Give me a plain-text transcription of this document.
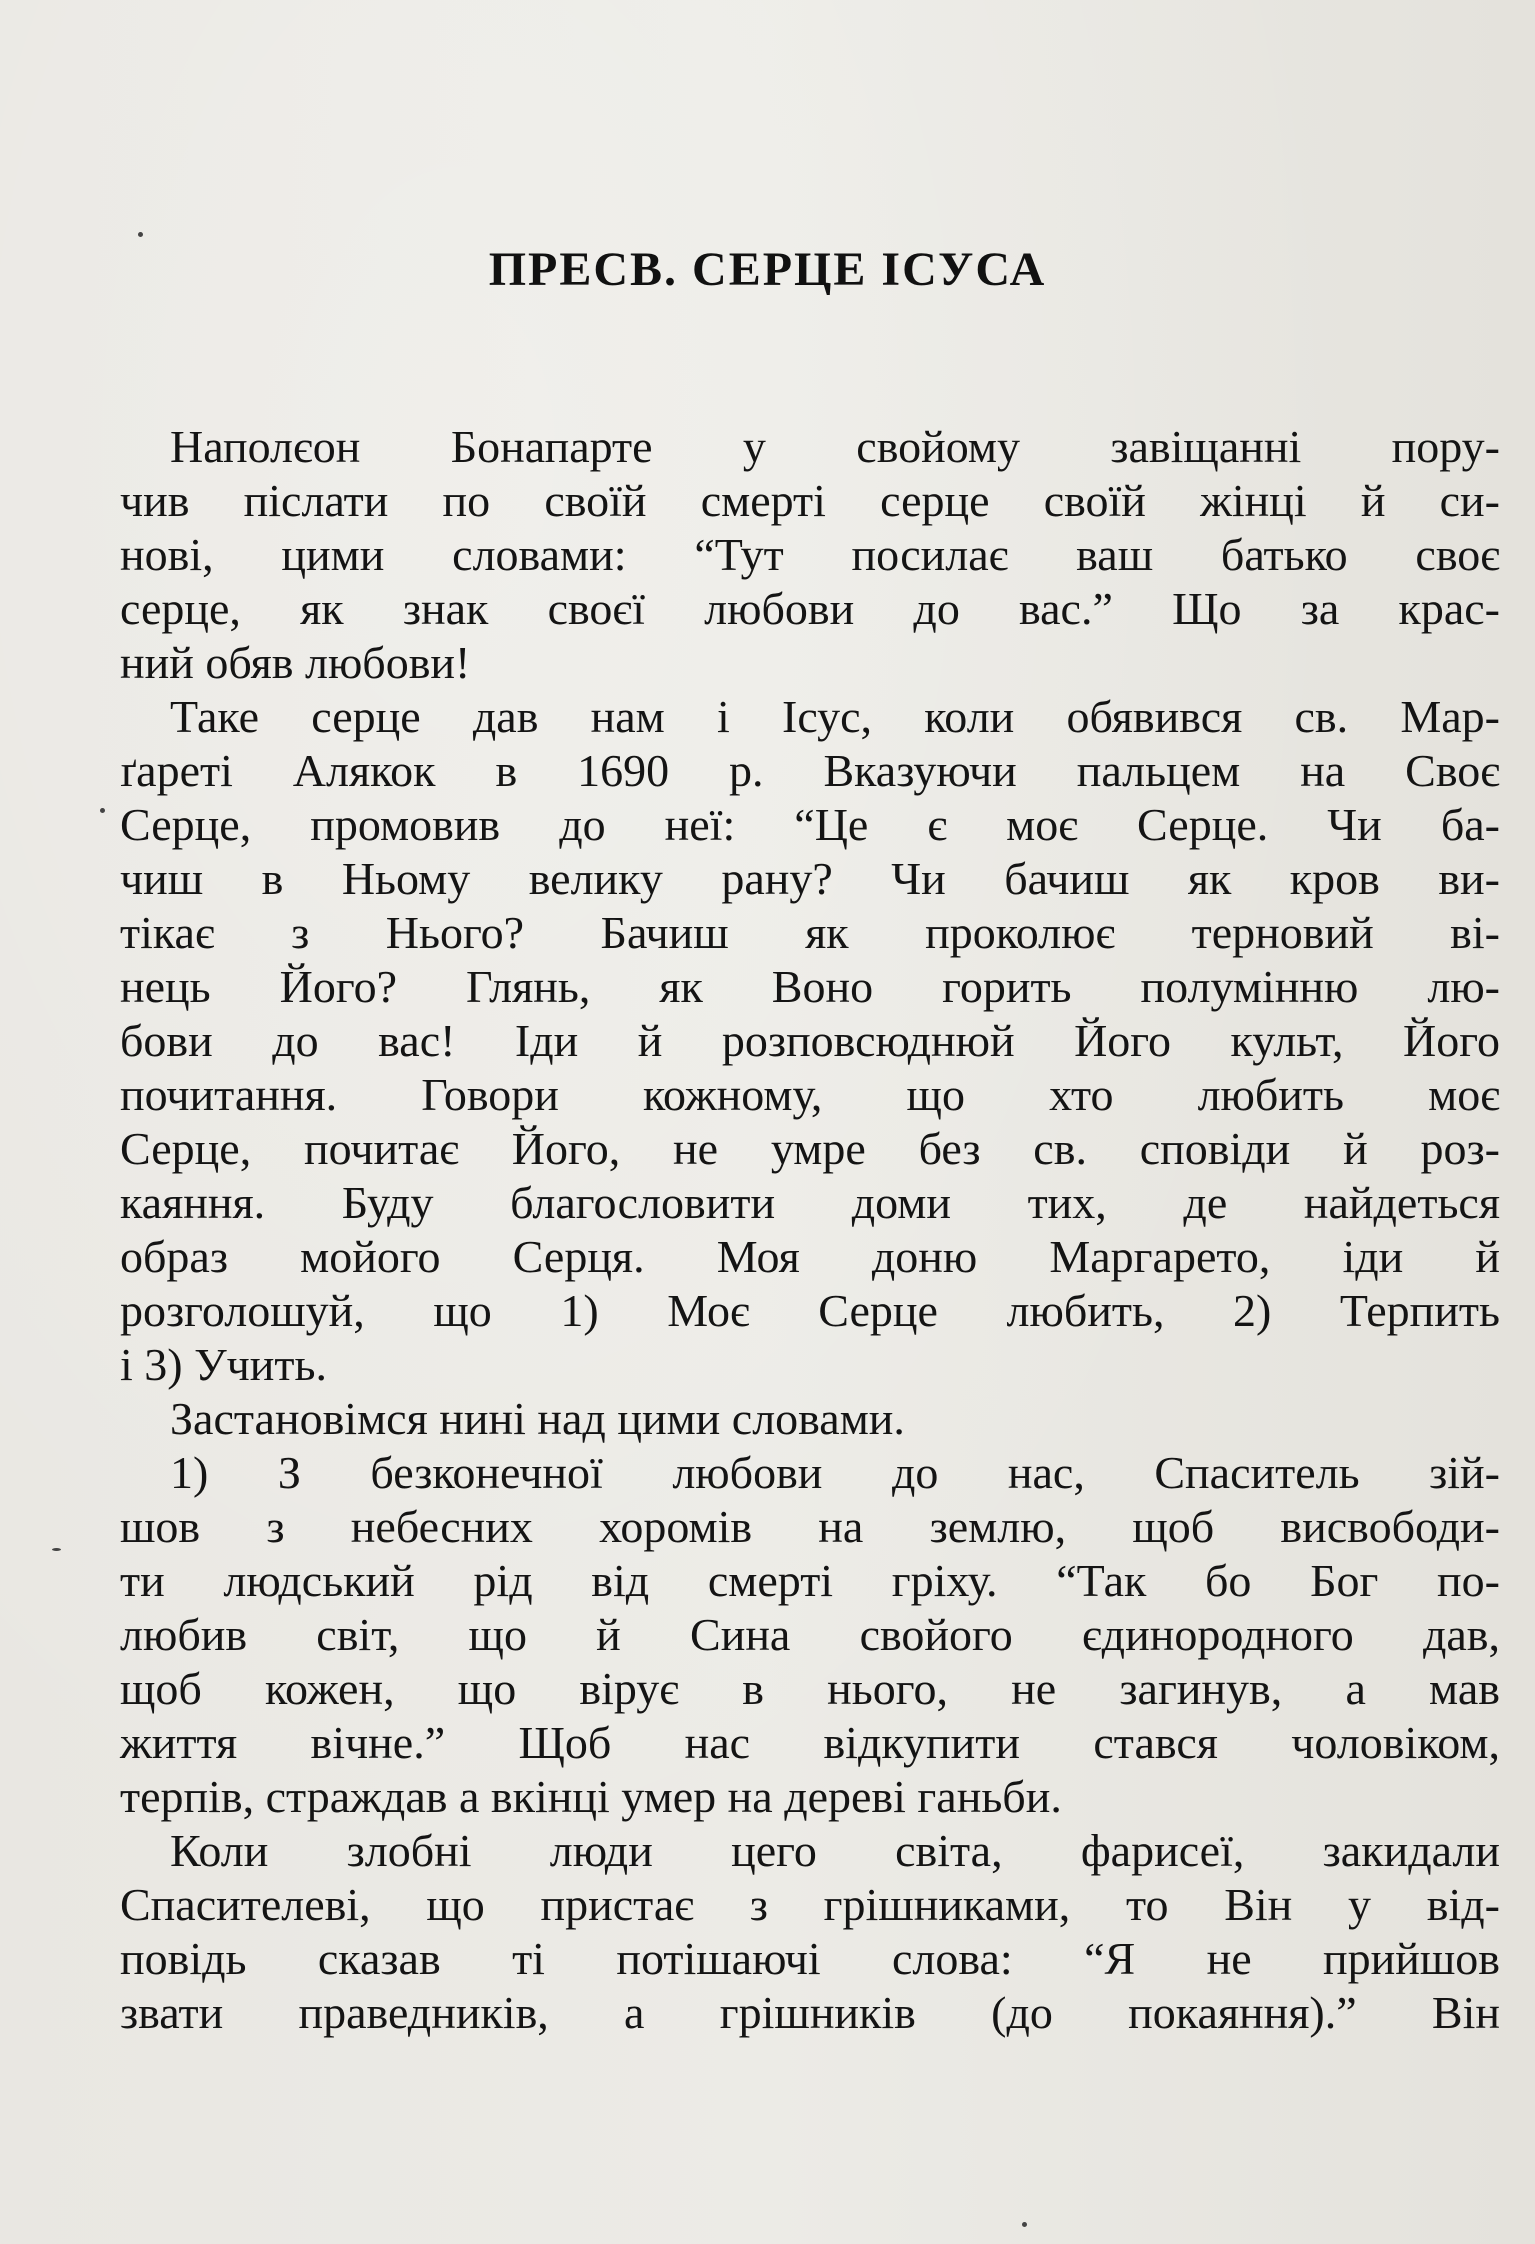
ПРЕСВ. СЕРЦЕ ІСУСА
Наполєон Бонапарте у свойому завіщанні пору-
чив післати по своїй смерті серце своїй жінці й си-
нові, цими словами: “Тут посилає ваш батько своє
серце, як знак своєї любови до вас.” Що за крас-
ний обяв любови!
Таке серце дав нам і Ісус, коли обявився св. Мар-
ґареті Алякок в 1690 р. Вказуючи пальцем на Своє
Серце, промовив до неї: “Це є моє Серце. Чи ба-
чиш в Ньому велику рану? Чи бачиш як кров ви-
тікає з Нього? Бачиш як проколює терновий ві-
нець Його? Глянь, як Воно горить полумінню лю-
бови до вас! Іди й розповсюднюй Його культ, Його
почитання. Говори кожному, що хто любить моє
Серце, почитає Його, не умре без св. сповіди й роз-
каяння. Буду благословити доми тих, де найдеться
образ мойого Серця. Моя доню Маргарето, іди й
розголошуй, що 1) Моє Серце любить, 2) Терпить
і 3) Учить.
Застановімся нині над цими словами.
1) З безконечної любови до нас, Спаситель зій-
шов з небесних хоромів на землю, щоб висвободи-
ти людський рід від смерті гріху. “Так бо Бог по-
любив світ, що й Сина свойого єдинородного дав,
щоб кожен, що вірує в нього, не загинув, а мав
життя вічне.” Щоб нас відкупити стався чоловіком,
терпів, страждав а вкінці умер на дереві ганьби.
Коли злобні люди цего світа, фарисеї, закидали
Спасителеві, що пристає з грішниками, то Він у від-
повідь сказав ті потішаючі слова: “Я не прийшов
звати праведників, а грішників (до покаяння).” Він
